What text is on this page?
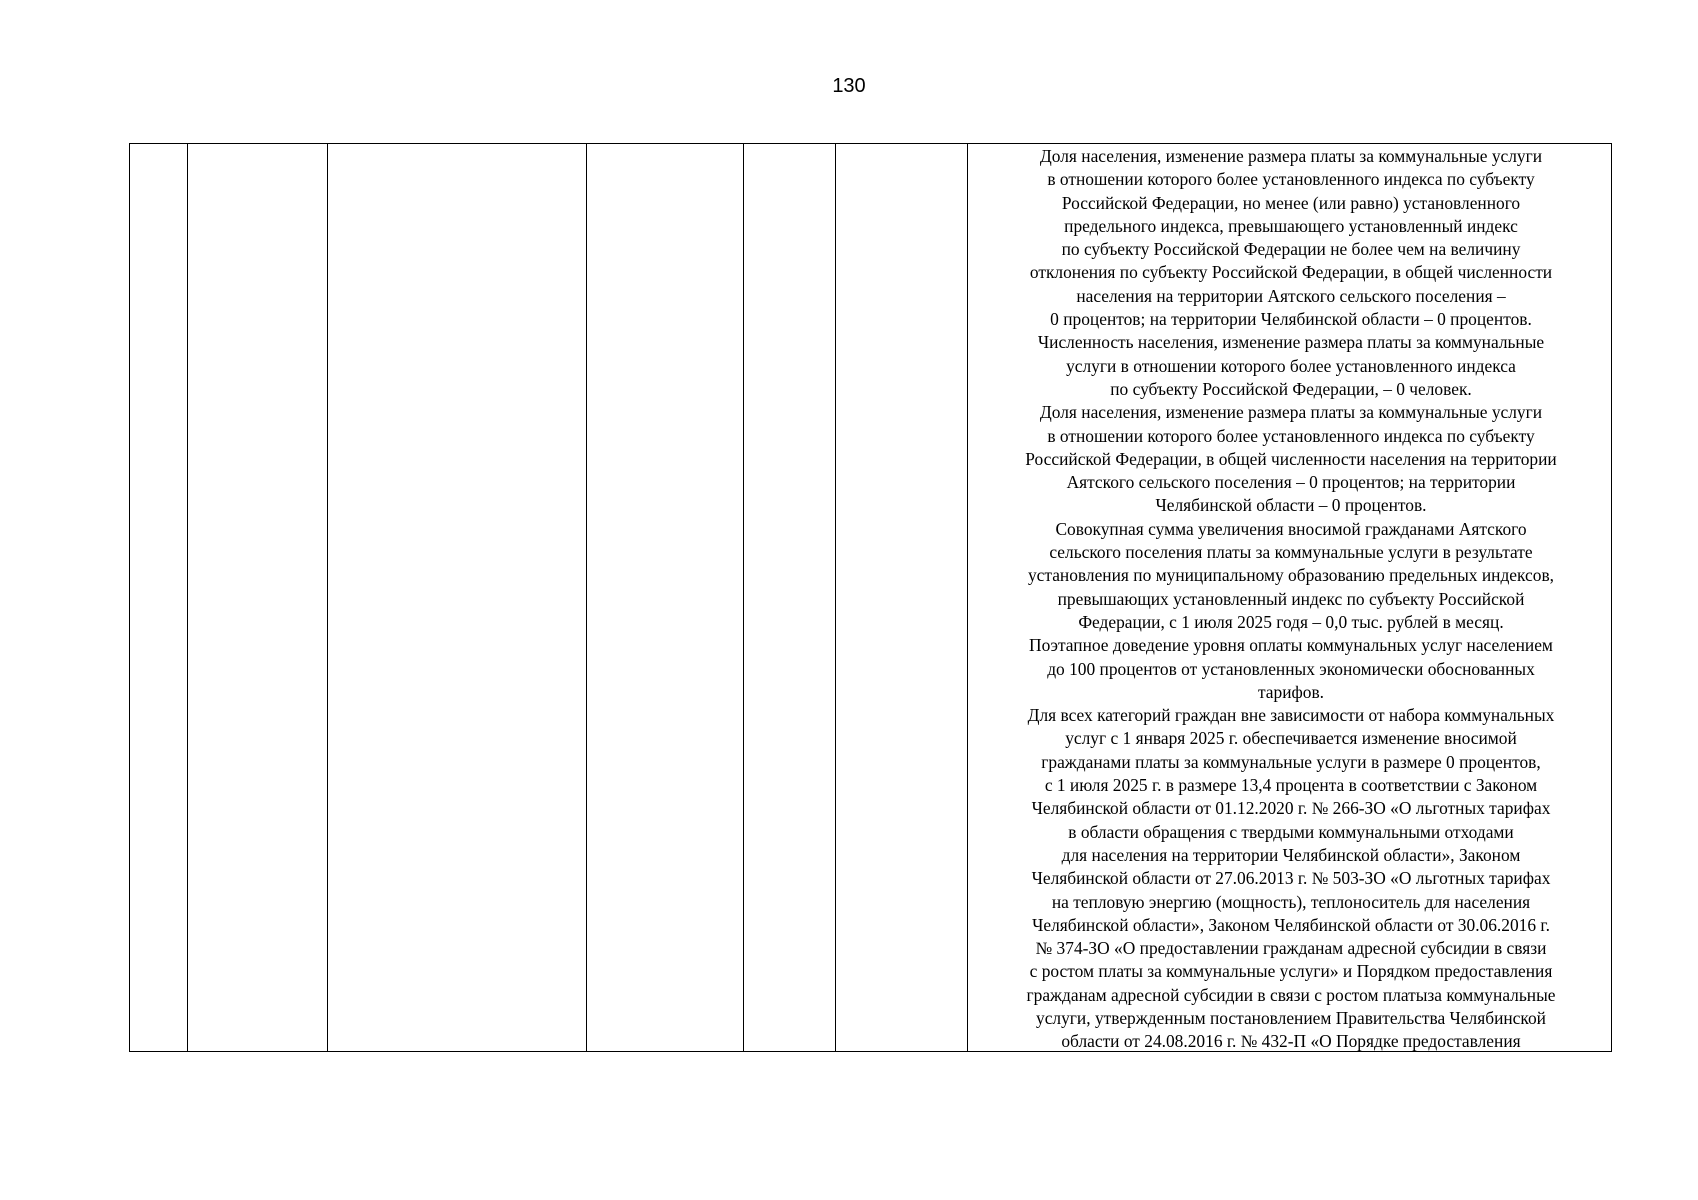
130

Доля населения, изменение размера платы за коммунальные услуги

в отношении которого более установленного индекса по субъекту

Российской Федерации, но менее (или равно) установленного

предельного индекса, превышающего установленный индекс

по субъекту Российской Федерации не более чем на величину

отклонения по субъекту Российской Федерации, в общей численности

населения на территории Аятского сельского поселения –

0 процентов; на территории Челябинской области – 0 процентов.

Численность населения, изменение размера платы за коммунальные

услуги в отношении которого более установленного индекса

по субъекту Российской Федерации, – 0 человек.

Доля населения, изменение размера платы за коммунальные услуги

в отношении которого более установленного индекса по субъекту

Российской Федерации, в общей численности населения на территории

Аятского сельского поселения – 0 процентов; на территории

Челябинской области – 0 процентов.

Совокупная сумма увеличения вносимой гражданами Аятского

сельского поселения платы за коммунальные услуги в результате

установления по муниципальному образованию предельных индексов,

превышающих установленный индекс по субъекту Российской

Федерации, с 1 июля 2025 годя – 0,0 тыс. рублей в месяц.

Поэтапное доведение уровня оплаты коммунальных услуг населением

до 100 процентов от установленных экономически обоснованных

тарифов.

Для всех категорий граждан вне зависимости от набора коммунальных

услуг с 1 января 2025 г. обеспечивается изменение вносимой

гражданами платы за коммунальные услуги в размере 0 процентов,

с 1 июля 2025 г. в размере 13,4 процента в соответствии с Законом

Челябинской области от 01.12.2020 г. № 266-ЗО «О льготных тарифах

в области обращения с твердыми коммунальными отходами

для населения на территории Челябинской области», Законом

Челябинской области от 27.06.2013 г. № 503-ЗО «О льготных тарифах

на тепловую энергию (мощность), теплоноситель для населения

Челябинской области», Законом Челябинской области от 30.06.2016 г.

№ 374-ЗО «О предоставлении гражданам адресной субсидии в связи

с ростом платы за коммунальные услуги» и Порядком предоставления

гражданам адресной субсидии в связи с ростом платыза коммунальные

услуги, утвержденным постановлением Правительства Челябинской

области от 24.08.2016 г. № 432-П «О Порядке предоставления
